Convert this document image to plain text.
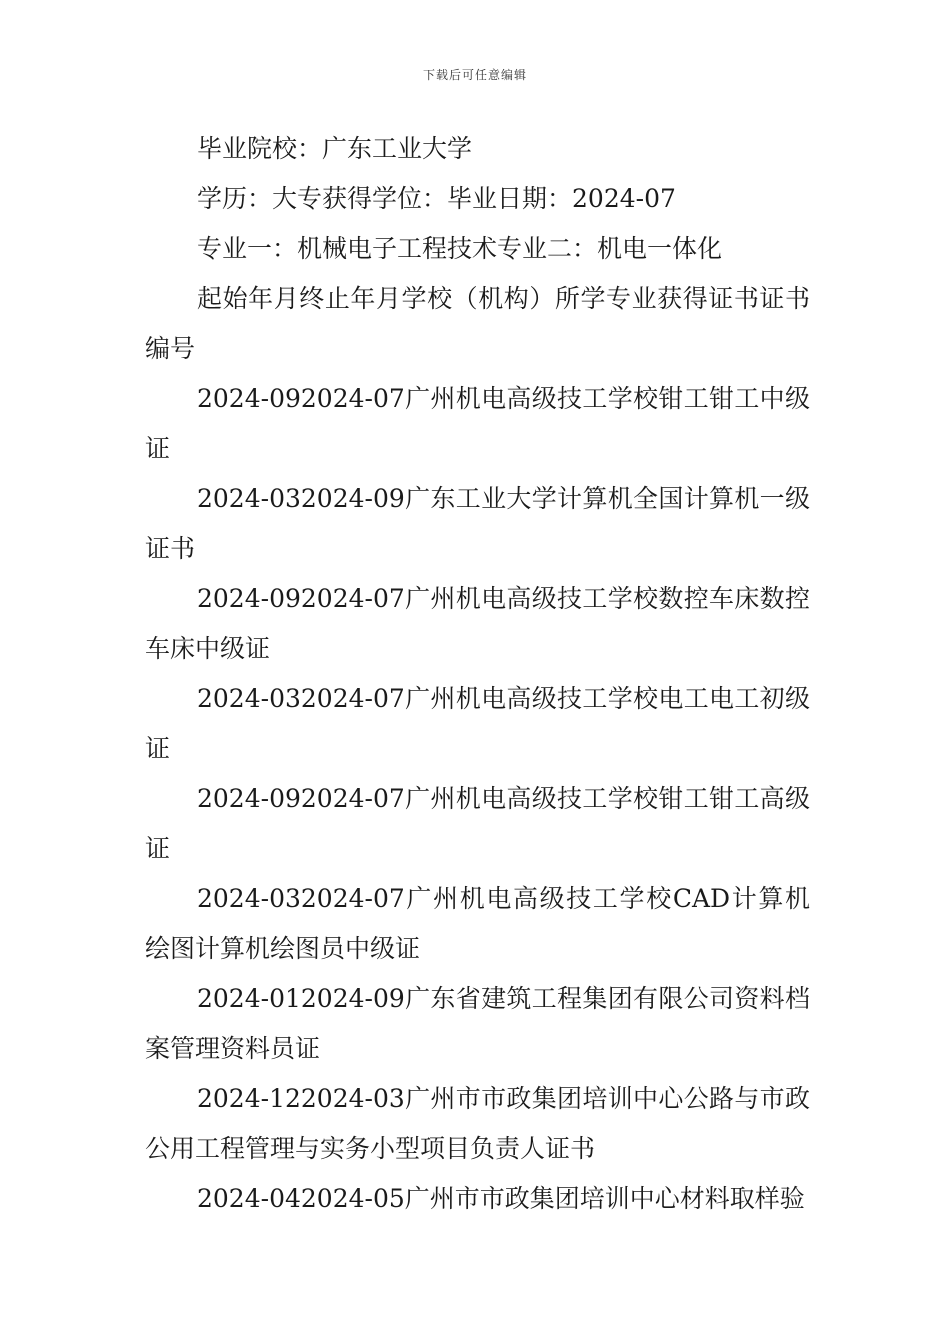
下载后可任意编辑

毕业院校：广东工业大学

学历：大专获得学位：毕业日期：2024-07

专业一：机械电子工程技术专业二：机电一体化

起始年月终止年月学校（机构）所学专业获得证书证书编号

2024-092024-07广州机电高级技工学校钳工钳工中级证

2024-032024-09广东工业大学计算机全国计算机一级证书

2024-092024-07广州机电高级技工学校数控车床数控车床中级证

2024-032024-07广州机电高级技工学校电工电工初级证

2024-092024-07广州机电高级技工学校钳工钳工高级证

2024-032024-07广州机电高级技工学校CAD计算机绘图计算机绘图员中级证

2024-012024-09广东省建筑工程集团有限公司资料档案管理资料员证

2024-122024-03广州市市政集团培训中心公路与市政公用工程管理与实务小型项目负责人证书

2024-042024-05广州市市政集团培训中心材料取样验
